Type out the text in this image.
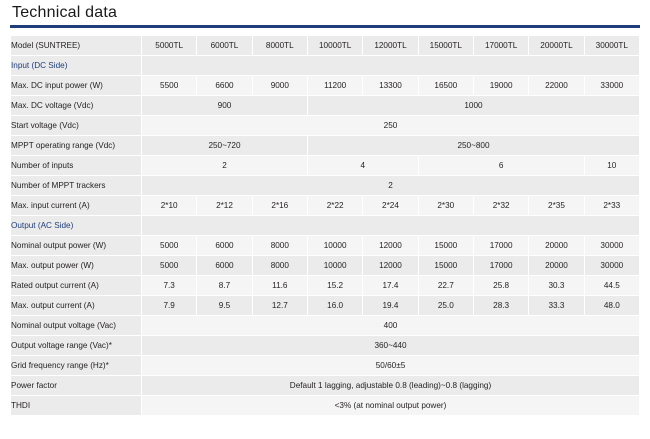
Technical data
Model (SUNTREE)	5000TL	6000TL	8000TL	10000TL	12000TL	15000TL	17000TL	20000TL	30000TL
Input (DC Side)									
Max. DC input power (W)	5500	6600	9000	11200	13300	16500	19000	22000	33000
Max. DC voltage (Vdc)	900			1000					
Start voltage (Vdc)	250								
MPPT operating range (Vdc)	250~720			250~800					
Number of inputs	2			4		6			10
Number of MPPT trackers	2								
Max. input current (A)	2*10	2*12	2*16	2*22	2*24	2*30	2*32	2*35	2*33
Output (AC Side)									
Nominal output power (W)	5000	6000	8000	10000	12000	15000	17000	20000	30000
Max. output power (W)	5000	6000	8000	10000	12000	15000	17000	20000	30000
Rated output current (A)	7.3	8.7	11.6	15.2	17.4	22.7	25.8	30.3	44.5
Max. output current (A)	7.9	9.5	12.7	16.0	19.4	25.0	28.3	33.3	48.0
Nominal output voltage (Vac)	400								
Output voltage range (Vac)*	360~440								
Grid frequency range (Hz)*	50/60±5								
Power factor	Default 1 lagging, adjustable 0.8 (leading)~0.8 (lagging)								
THDI	<3% (at nominal output power)								
